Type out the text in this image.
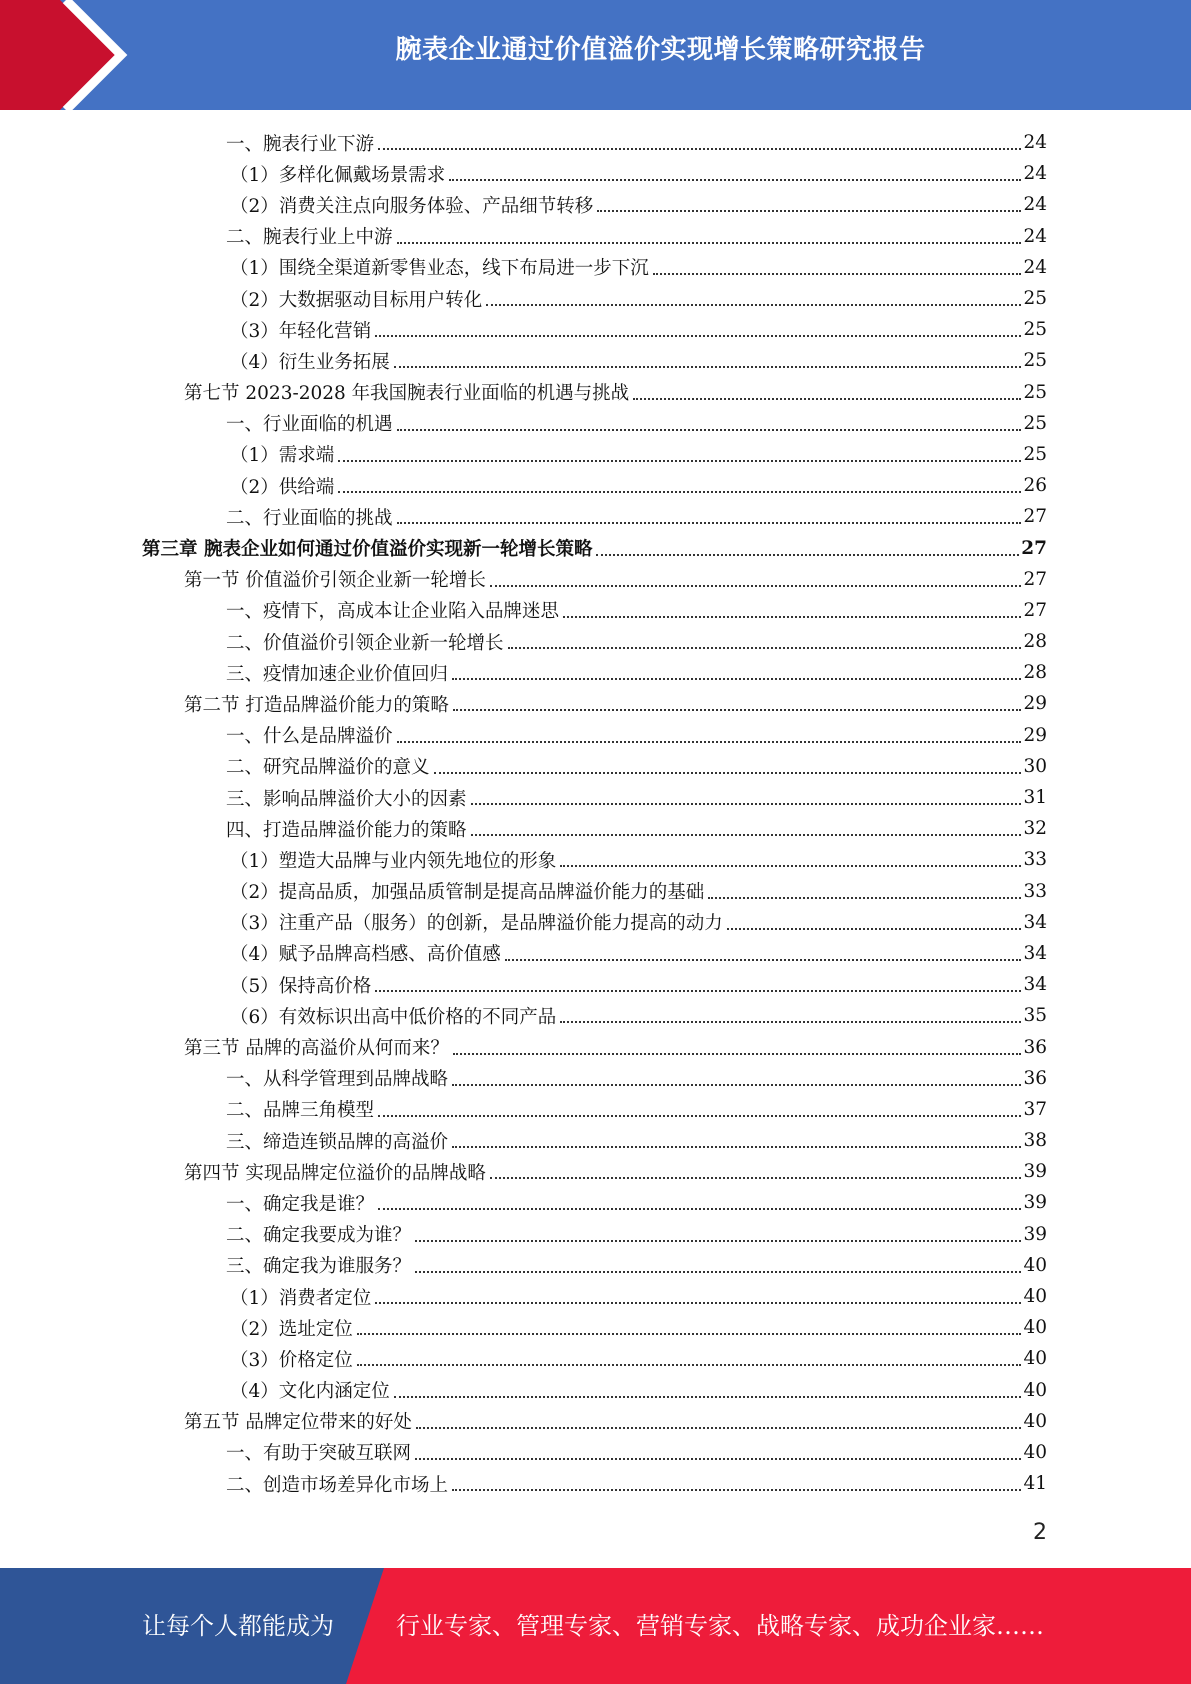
腕表企业通过价值溢价实现增长策略研究报告
一、腕表行业下游	24
（1）多样化佩戴场景需求	24
（2）消费关注点向服务体验、产品细节转移	24
二、腕表行业上中游	24
（1）围绕全渠道新零售业态，线下布局进一步下沉	24
（2）大数据驱动目标用户转化	25
（3）年轻化营销	25
（4）衍生业务拓展	25
第七节 2023-2028 年我国腕表行业面临的机遇与挑战	25
一、行业面临的机遇	25
（1）需求端	25
（2）供给端	26
二、行业面临的挑战	27
第三章 腕表企业如何通过价值溢价实现新一轮增长策略	27
第一节 价值溢价引领企业新一轮增长	27
一、疫情下，高成本让企业陷入品牌迷思	27
二、价值溢价引领企业新一轮增长	28
三、疫情加速企业价值回归	28
第二节 打造品牌溢价能力的策略	29
一、什么是品牌溢价	29
二、研究品牌溢价的意义	30
三、影响品牌溢价大小的因素	31
四、打造品牌溢价能力的策略	32
（1）塑造大品牌与业内领先地位的形象	33
（2）提高品质，加强品质管制是提高品牌溢价能力的基础	33
（3）注重产品（服务）的创新，是品牌溢价能力提高的动力	34
（4）赋予品牌高档感、高价值感	34
（5）保持高价格	34
（6）有效标识出高中低价格的不同产品	35
第三节 品牌的高溢价从何而来？	36
一、从科学管理到品牌战略	36
二、品牌三角模型	37
三、缔造连锁品牌的高溢价	38
第四节 实现品牌定位溢价的品牌战略	39
一、确定我是谁？	39
二、确定我要成为谁？	39
三、确定我为谁服务？	40
（1）消费者定位	40
（2）选址定位	40
（3）价格定位	40
（4）文化内涵定位	40
第五节 品牌定位带来的好处	40
一、有助于突破互联网	40
二、创造市场差异化市场上	41
2
让每个人都能成为	行业专家、管理专家、营销专家、战略专家、成功企业家……
